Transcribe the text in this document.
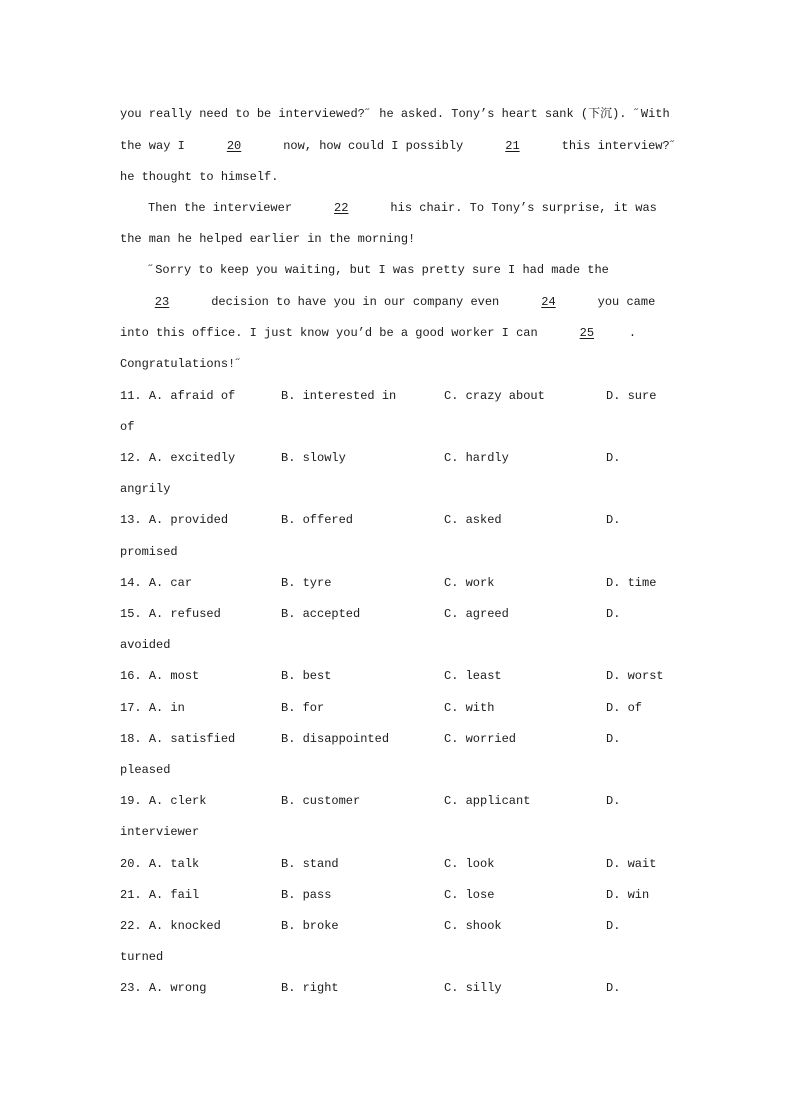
you really need to be interviewed?˝ he asked. Tony’s heart sank (下沉). ˝With
the way I	20	now, how could I possibly	21	this interview?˝
he thought to himself.
Then the interviewer	22	his chair. To Tony’s surprise, it was
the man he helped earlier in the morning!
˝Sorry to keep you waiting, but I was pretty sure I had made the
23	decision to have you in our company even	24	you came
into this office. I just know you’d be a good worker I can	25	.
Congratulations!˝
11. A. afraid of	B. interested in	C. crazy about	D. sure
of
12. A. excitedly	B. slowly	C. hardly	D.
angrily
13. A. provided	B. offered	C. asked	D.
promised
14. A. car	B. tyre	C. work	D. time
15. A. refused	B. accepted	C. agreed	D.
avoided
16. A. most	B. best	C. least	D. worst
17. A. in	B. for	C. with	D. of
18. A. satisfied	B. disappointed	C. worried	D.
pleased
19. A. clerk	B. customer	C. applicant	D.
interviewer
20. A. talk	B. stand	C. look	D. wait
21. A. fail	B. pass	C. lose	D. win
22. A. knocked	B. broke	C. shook	D.
turned
23. A. wrong	B. right	C. silly	D.
